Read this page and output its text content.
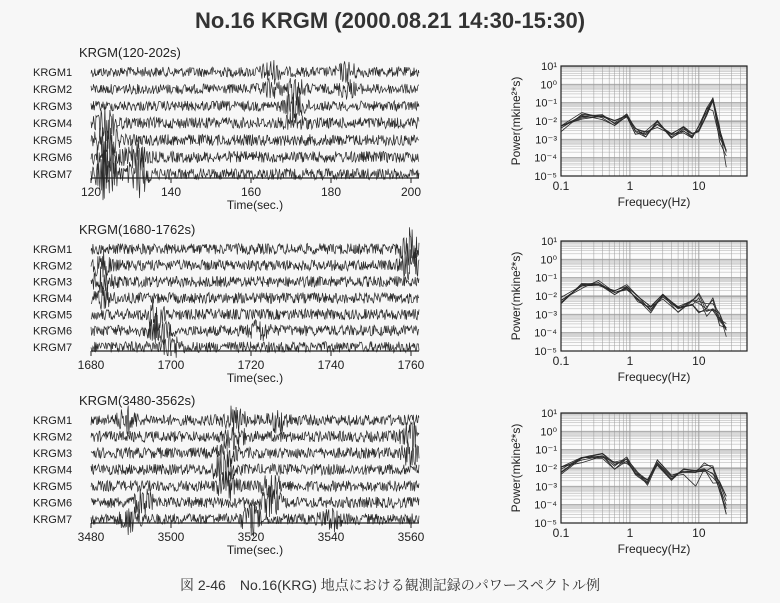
No.16 KRGM (2000.08.21 14:30-15:30)
KRGM(120-202s)
KRGM1
KRGM2
KRGM3
KRGM4
KRGM5
KRGM6
KRGM7
120	140	160	180	200
Time(sec.)
KRGM(1680-1762s)
KRGM1
KRGM2
KRGM3
KRGM4
KRGM5
KRGM6
KRGM7
1680	1700	1720	1740	1760
Time(sec.)
KRGM(3480-3562s)
KRGM1
KRGM2
KRGM3
KRGM4
KRGM5
KRGM6
KRGM7
3480	3500	3520	3540	3560
Time(sec.)
10¹
10⁰
10⁻¹
10⁻²
10⁻³
10⁻⁴
10⁻⁵
0.1	1	10
Frequecy(Hz)
Power(mkine²*s)
10¹
10⁰
10⁻¹
10⁻²
10⁻³
10⁻⁴
10⁻⁵
0.1	1	10
Frequecy(Hz)
Power(mkine²*s)
10¹
10⁰
10⁻¹
10⁻²
10⁻³
10⁻⁴
10⁻⁵
0.1	1	10
Frequecy(Hz)
Power(mkine²*s)
図 2-46　No.16(KRG) 地点における観測記録のパワースペクトル例
